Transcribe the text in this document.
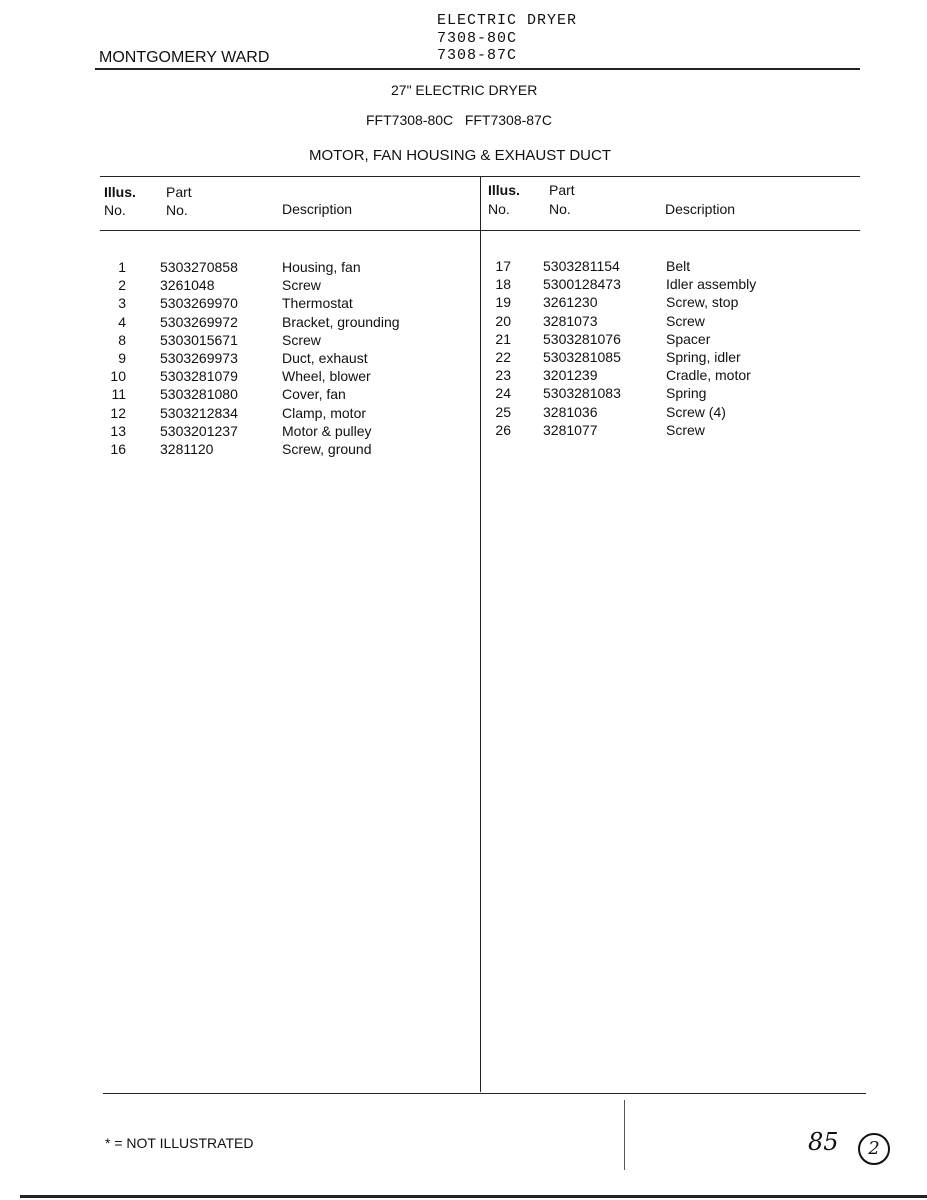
ELECTRIC DRYER
7308-80C
7308-87C
MONTGOMERY WARD
27" ELECTRIC DRYER
FFT7308-80C   FFT7308-87C
MOTOR, FAN HOUSING & EXHAUST DUCT
Illus.
No.
Part
No.	Description
Illus.
No.
Part
No.	Description
1 5303270858	Housing, fan
2 3261048	Screw
3 5303269970	Thermostat
4 5303269972	Bracket, grounding
8 5303015671	Screw
9 5303269973	Duct, exhaust
10 5303281079	Wheel, blower
11 5303281080	Cover, fan
12 5303212834	Clamp, motor
13 5303201237	Motor & pulley
16 3281120	Screw, ground
17 5303281154	Belt
18 5300128473	Idler assembly
19 3261230	Screw, stop
20 3281073	Screw
21 5303281076	Spacer
22 5303281085	Spring, idler
23 3201239	Cradle, motor
24 5303281083	Spring
25 3281036	Screw (4)
26 3281077	Screw
* = NOT ILLUSTRATED	85	2
